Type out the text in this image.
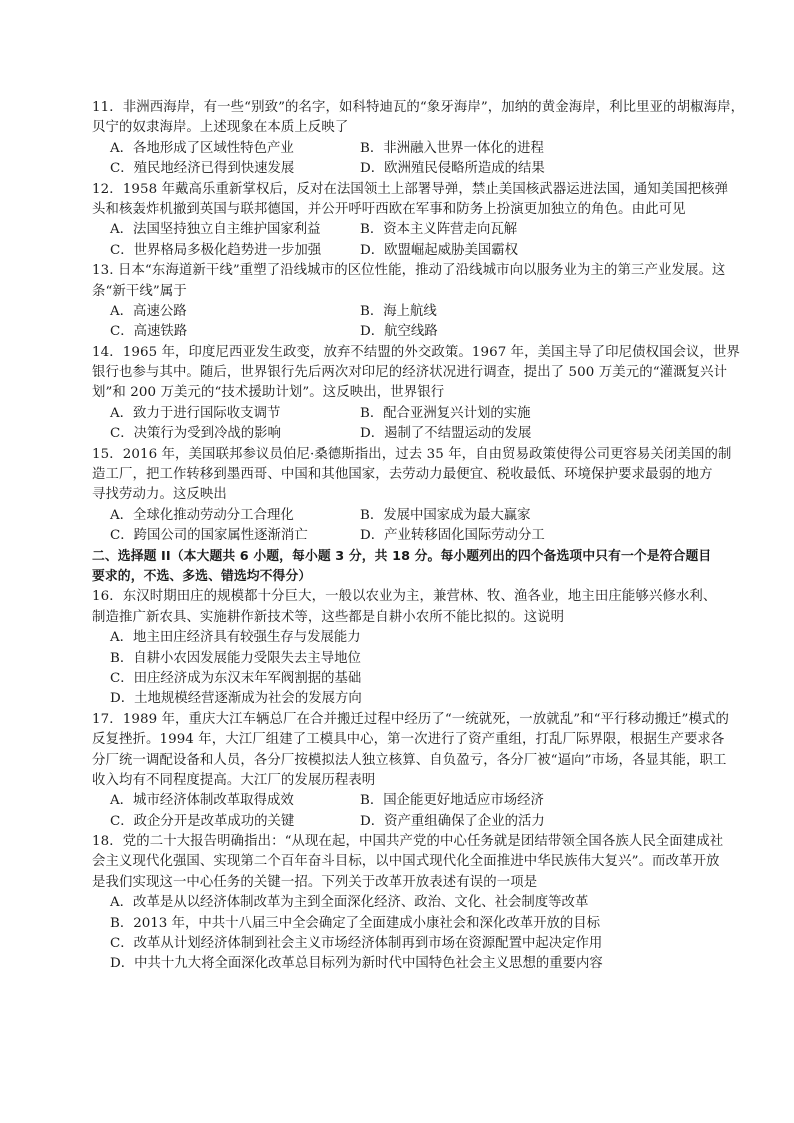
11．非洲西海岸，有一些“别致”的名字，如科特迪瓦的“象牙海岸”，加纳的黄金海岸，利比里亚的胡椒海岸，
贝宁的奴隶海岸。上述现象在本质上反映了
A．各地形成了区域性特色产业	B．非洲融入世界一体化的进程
C．殖民地经济已得到快速发展	D．欧洲殖民侵略所造成的结果
12．1958 年戴高乐重新掌权后，反对在法国领土上部署导弹，禁止美国核武器运进法国，通知美国把核弹
头和核轰炸机撤到英国与联邦德国，并公开呼吁西欧在军事和防务上扮演更加独立的角色。由此可见
A．法国坚持独立自主维护国家利益	B．资本主义阵营走向瓦解
C．世界格局多极化趋势进一步加强	D．欧盟崛起威胁美国霸权
13. 日本“东海道新干线”重塑了沿线城市的区位性能，推动了沿线城市向以服务业为主的第三产业发展。这
条“新干线”属于
A．高速公路	B．海上航线
C．高速铁路	D．航空线路
14．1965 年，印度尼西亚发生政变，放弃不结盟的外交政策。1967 年，美国主导了印尼债权国会议，世界
银行也参与其中。随后，世界银行先后两次对印尼的经济状况进行调查，提出了 500 万美元的“灌溉复兴计
划”和 200 万美元的“技术援助计划”。这反映出，世界银行
A．致力于进行国际收支调节	B．配合亚洲复兴计划的实施
C．决策行为受到冷战的影响	D．遏制了不结盟运动的发展
15．2016 年，美国联邦参议员伯尼·桑德斯指出，过去 35 年，自由贸易政策使得公司更容易关闭美国的制
造工厂，把工作转移到墨西哥、中国和其他国家，去劳动力最便宜、税收最低、环境保护要求最弱的地方
寻找劳动力。这反映出
A．全球化推动劳动分工合理化	B．发展中国家成为最大赢家
C．跨国公司的国家属性逐渐消亡	D．产业转移固化国际劳动分工
二、选择题 II（本大题共 6 小题，每小题 3 分，共 18 分。每小题列出的四个备选项中只有一个是符合题目
要求的，不选、多选、错选均不得分）
16．东汉时期田庄的规模都十分巨大，一般以农业为主，兼营林、牧、渔各业，地主田庄能够兴修水利、
制造推广新农具、实施耕作新技术等，这些都是自耕小农所不能比拟的。这说明
A．地主田庄经济具有较强生存与发展能力
B．自耕小农因发展能力受限失去主导地位
C．田庄经济成为东汉末年军阀割据的基础
D．土地规模经营逐渐成为社会的发展方向
17．1989 年，重庆大江车辆总厂在合并搬迁过程中经历了“一统就死，一放就乱”和“平行移动搬迁”模式的
反复挫折。1994 年，大江厂组建了工模具中心，第一次进行了资产重组，打乱厂际界限，根据生产要求各
分厂统一调配设备和人员，各分厂按模拟法人独立核算、自负盈亏，各分厂被“逼向”市场，各显其能，职工
收入均有不同程度提高。大江厂的发展历程表明
A．城市经济体制改革取得成效	B．国企能更好地适应市场经济
C．政企分开是改革成功的关键	D．资产重组确保了企业的活力
18．党的二十大报告明确指出：“从现在起，中国共产党的中心任务就是团结带领全国各族人民全面建成社
会主义现代化强国、实现第二个百年奋斗目标，以中国式现代化全面推进中华民族伟大复兴”。而改革开放
是我们实现这一中心任务的关键一招。下列关于改革开放表述有误的一项是
A．改革是从以经济体制改革为主到全面深化经济、政治、文化、社会制度等改革
B．2013 年，中共十八届三中全会确定了全面建成小康社会和深化改革开放的目标
C．改革从计划经济体制到社会主义市场经济体制再到市场在资源配置中起决定作用
D．中共十九大将全面深化改革总目标列为新时代中国特色社会主义思想的重要内容
